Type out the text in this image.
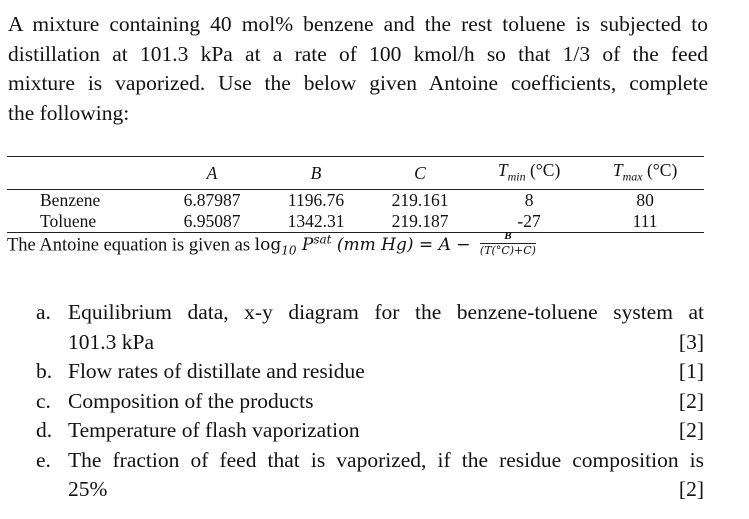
A mixture containing 40 mol% benzene and the rest toluene is subjected to
distillation at 101.3 kPa at a rate of 100 kmol/h so that 1/3 of the feed
mixture is vaporized. Use the below given Antoine coefficients, complete
the following:
	A	B	C	$T_{min}$ (°C)	$T_{max}$ (°C)
Benzene	6.87987	1196.76	219.161	8	80
Toluene	6.95087	1342.31	219.187	-27	111
The Antoine equation is given as $\log_{10} P^{sat}$ (mm $Hg) = A - \frac{B}{(T(^\circ C)+C)}$
a. Equilibrium data, x-y diagram for the benzene-toluene system at
101.3 kPa	[3]
b. Flow rates of distillate and residue	[1]
c. Composition of the products	[2]
d. Temperature of flash vaporization	[2]
e. The fraction of feed that is vaporized, if the residue composition is
25%	[2]
